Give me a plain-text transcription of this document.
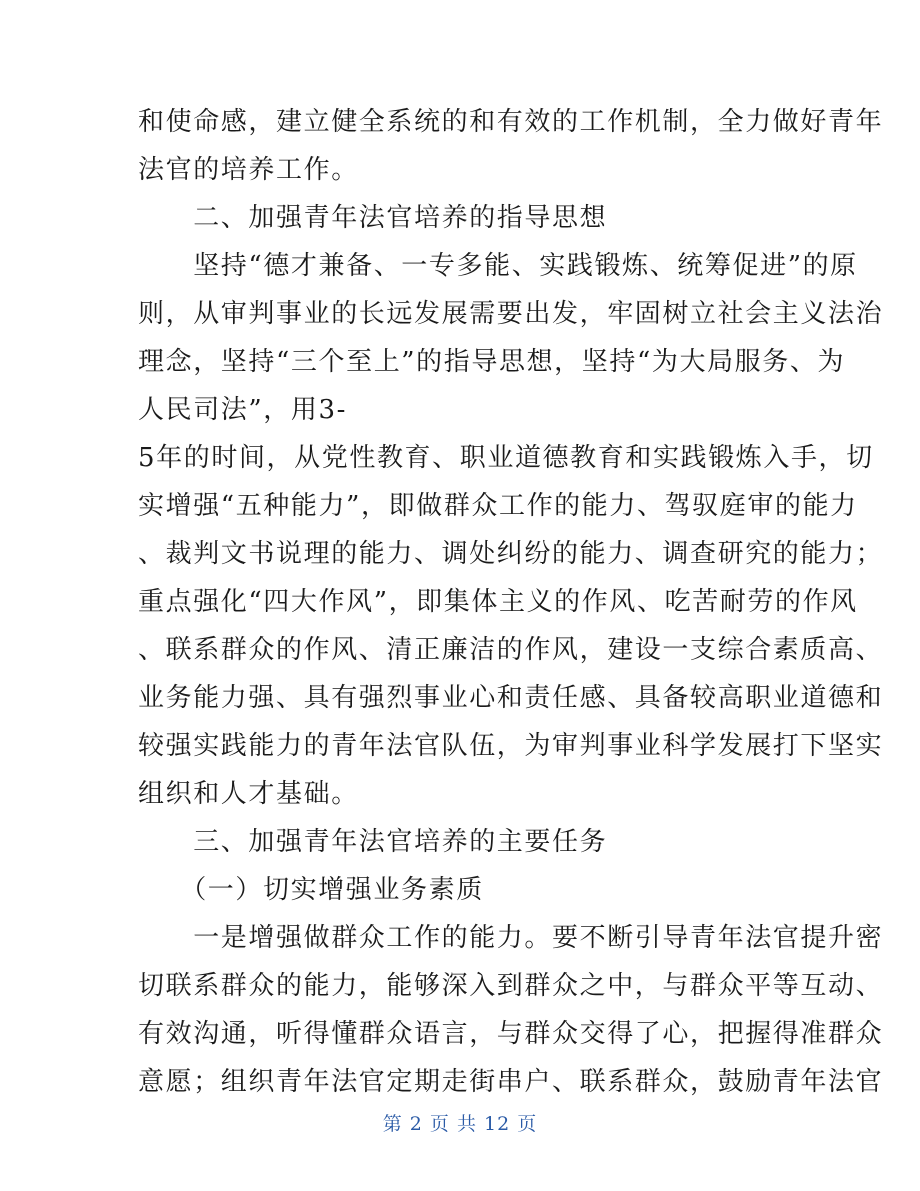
和使命感，建立健全系统的和有效的工作机制，全力做好青年
法官的培养工作。
　　二、加强青年法官培养的指导思想
　　坚持“德才兼备、一专多能、实践锻炼、统筹促进”的原
则，从审判事业的长远发展需要出发，牢固树立社会主义法治
理念，坚持“三个至上”的指导思想，坚持“为大局服务、为
人民司法”，用3-
5年的时间，从党性教育、职业道德教育和实践锻炼入手，切
实增强“五种能力”，即做群众工作的能力、驾驭庭审的能力
、裁判文书说理的能力、调处纠纷的能力、调查研究的能力；
重点强化“四大作风”，即集体主义的作风、吃苦耐劳的作风
、联系群众的作风、清正廉洁的作风，建设一支综合素质高、
业务能力强、具有强烈事业心和责任感、具备较高职业道德和
较强实践能力的青年法官队伍，为审判事业科学发展打下坚实
组织和人才基础。
　　三、加强青年法官培养的主要任务
　　（一）切实增强业务素质
　　一是增强做群众工作的能力。要不断引导青年法官提升密
切联系群众的能力，能够深入到群众之中，与群众平等互动、
有效沟通，听得懂群众语言，与群众交得了心，把握得准群众
意愿；组织青年法官定期走街串户、联系群众，鼓励青年法官
第 2 页 共 12 页
